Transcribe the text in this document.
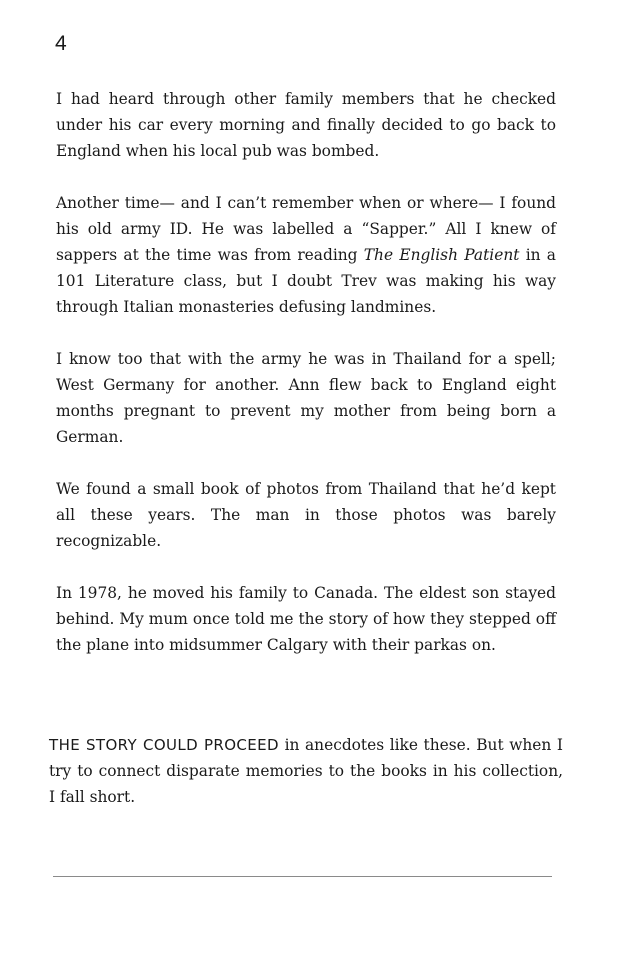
4

I had heard through other family members that he checked under his car every morning and finally decided to go back to England when his local pub was bombed.

Another time— and I can’t remember when or where— I found his old army ID. He was labelled a “Sapper.” All I knew of sappers at the time was from reading The English Patient in a 101 Literature class, but I doubt Trev was making his way through Italian monasteries defusing landmines.

I know too that with the army he was in Thailand for a spell; West Germany for another. Ann flew back to England eight months pregnant to prevent my mother from being born a German.

We found a small book of photos from Thailand that he’d kept all these years. The man in those photos was barely recognizable.

In 1978, he moved his family to Canada. The eldest son stayed behind. My mum once told me the story of how they stepped off the plane into midsummer Calgary with their parkas on.

THE STORY COULD PROCEED in anecdotes like these. But when I try to connect disparate memories to the books in his collection, I fall short.
